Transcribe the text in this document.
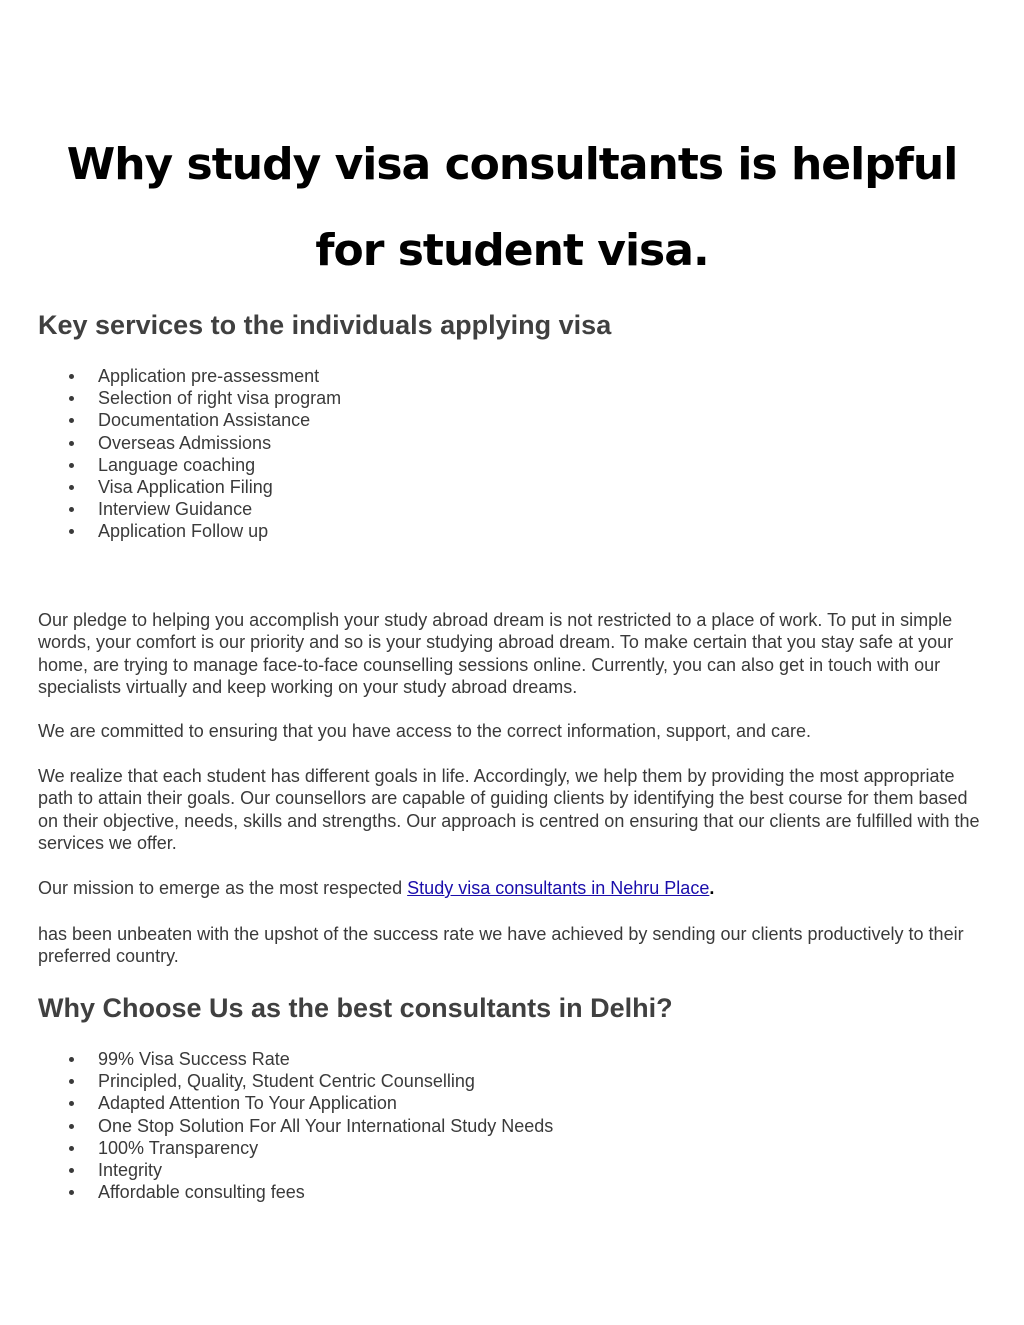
Why study visa consultants is helpful for student visa.
Key services to the individuals applying visa
Application pre-assessment
Selection of right visa program
Documentation Assistance
Overseas Admissions
Language coaching
Visa Application Filing
Interview Guidance
Application Follow up

Our pledge to helping you accomplish your study abroad dream is not restricted to a place of work. To put in simple words, your comfort is our priority and so is your studying abroad dream. To make certain that you stay safe at your home, are trying to manage face-to-face counselling sessions online. Currently, you can also get in touch with our specialists virtually and keep working on your study abroad dreams.

We are committed to ensuring that you have access to the correct information, support, and care.

We realize that each student has different goals in life. Accordingly, we help them by providing the most appropriate path to attain their goals. Our counsellors are capable of guiding clients by identifying the best course for them based on their objective, needs, skills and strengths. Our approach is centred on ensuring that our clients are fulfilled with the services we offer.

Our mission to emerge as the most respected Study visa consultants in Nehru Place.

has been unbeaten with the upshot of the success rate we have achieved by sending our clients productively to their preferred country.

Why Choose Us as the best consultants in Delhi?
99% Visa Success Rate
Principled, Quality, Student Centric Counselling
Adapted Attention To Your Application
One Stop Solution For All Your International Study Needs
100% Transparency
Integrity
Affordable consulting fees
